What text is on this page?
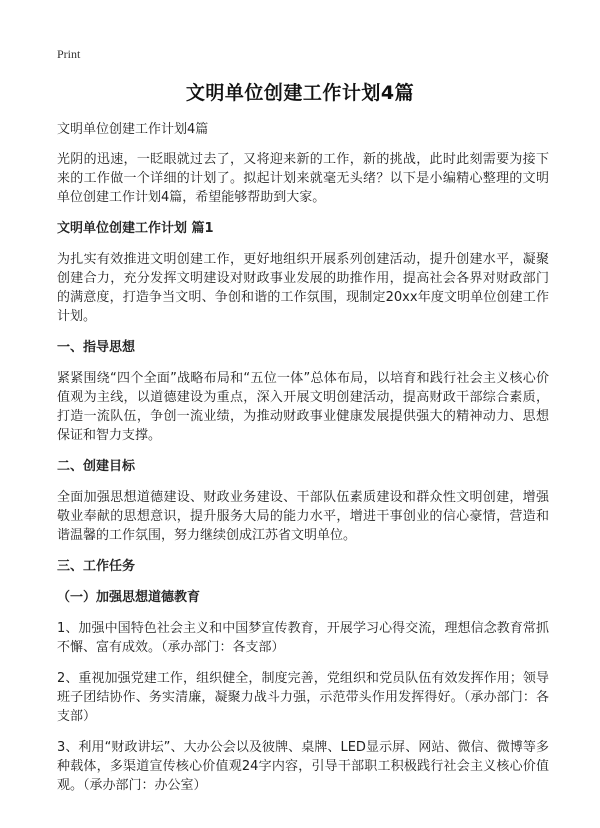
Print
文明单位创建工作计划4篇

文明单位创建工作计划4篇

光阴的迅速，一眨眼就过去了，又将迎来新的工作，新的挑战，此时此刻需要为接下来的工作做一个详细的计划了。拟起计划来就毫无头绪？以下是小编精心整理的文明单位创建工作计划4篇，希望能够帮助到大家。

文明单位创建工作计划 篇1

为扎实有效推进文明创建工作，更好地组织开展系列创建活动，提升创建水平，凝聚创建合力，充分发挥文明建设对财政事业发展的助推作用，提高社会各界对财政部门的满意度，打造争当文明、争创和谐的工作氛围，现制定20xx年度文明单位创建工作计划。

一、指导思想

紧紧围绕“四个全面”战略布局和“五位一体”总体布局，以培育和践行社会主义核心价值观为主线，以道德建设为重点，深入开展文明创建活动，提高财政干部综合素质，打造一流队伍，争创一流业绩，为推动财政事业健康发展提供强大的精神动力、思想保证和智力支撑。

二、创建目标

全面加强思想道德建设、财政业务建设、干部队伍素质建设和群众性文明创建，增强敬业奉献的思想意识，提升服务大局的能力水平，增进干事创业的信心豪情，营造和谐温馨的工作氛围，努力继续创成江苏省文明单位。

三、工作任务

（一）加强思想道德教育

1、加强中国特色社会主义和中国梦宣传教育，开展学习心得交流，理想信念教育常抓不懈、富有成效。（承办部门：各支部）

2、重视加强党建工作，组织健全，制度完善，党组织和党员队伍有效发挥作用；领导班子团结协作、务实清廉，凝聚力战斗力强，示范带头作用发挥得好。（承办部门：各支部）

3、利用“财政讲坛”、大办公会以及彼牌、桌牌、LED显示屏、网站、微信、微博等多种载体，多渠道宣传核心价值观24字内容，引导干部职工积极践行社会主义核心价值观。（承办部门：办公室）
